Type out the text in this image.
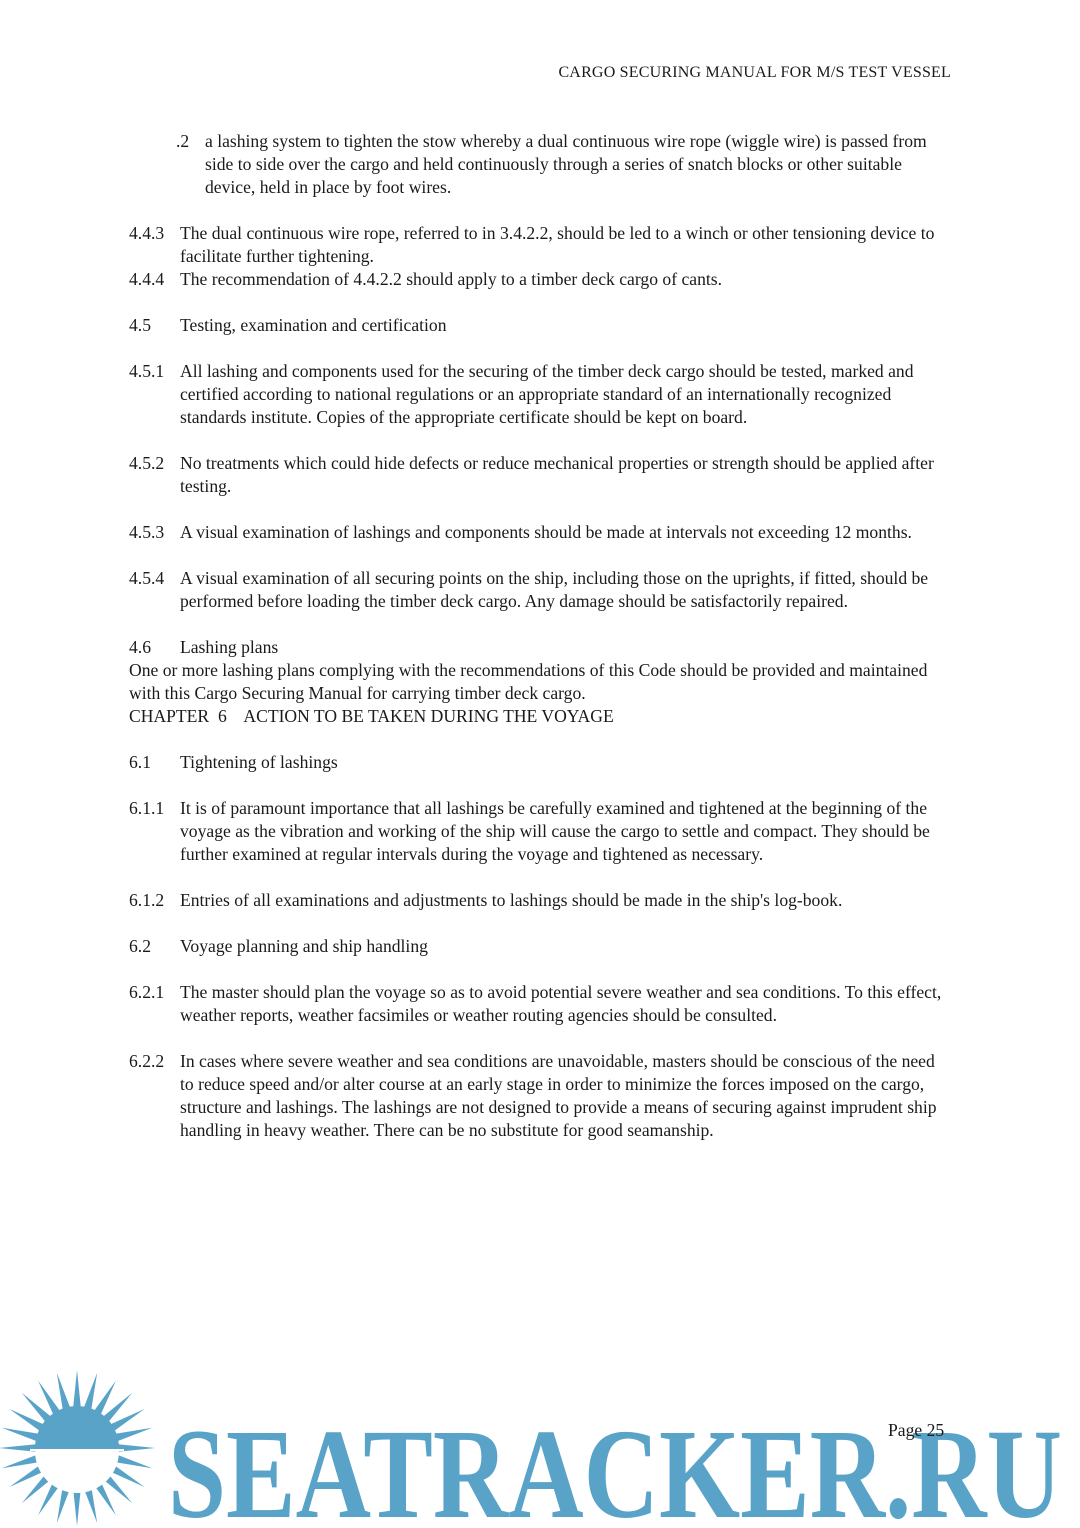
CARGO SECURING MANUAL FOR M/S TEST VESSEL
.2 a lashing system to tighten the stow whereby a dual continuous wire rope (wiggle wire) is passed from side to side over the cargo and held continuously through a series of snatch blocks or other suitable device, held in place by foot wires.
4.4.3 The dual continuous wire rope, referred to in 3.4.2.2, should be led to a winch or other tensioning device to facilitate further tightening.
4.4.4 The recommendation of 4.4.2.2 should apply to a timber deck cargo of cants.
4.5	Testing, examination and certification
4.5.1 All lashing and components used for the securing of the timber deck cargo should be tested, marked and certified according to national regulations or an appropriate standard of an internationally recognized standards institute. Copies of the appropriate certificate should be kept on board.
4.5.2 No treatments which could hide defects or reduce mechanical properties or strength should be applied after testing.
4.5.3 A visual examination of lashings and components should be made at intervals not exceeding 12 months.
4.5.4 A visual examination of all securing points on the ship, including those on the uprights, if fitted, should be performed before loading the timber deck cargo. Any damage should be satisfactorily repaired.
4.6	Lashing plans

One or more lashing plans complying with the recommendations of this Code should be provided and maintained with this Cargo Securing Manual for carrying timber deck cargo.

CHAPTER  6    ACTION TO BE TAKEN DURING THE VOYAGE

6.1	Tightening of lashings
6.1.1 It is of paramount importance that all lashings be carefully examined and tightened at the beginning of the voyage as the vibration and working of the ship will cause the cargo to settle and compact. They should be further examined at regular intervals during the voyage and tightened as necessary.
6.1.2 Entries of all examinations and adjustments to lashings should be made in the ship's log-book.
6.2	Voyage planning and ship handling
6.2.1 The master should plan the voyage so as to avoid potential severe weather and sea conditions. To this effect, weather reports, weather facsimiles or weather routing agencies should be consulted.
6.2.2 In cases where severe weather and sea conditions are unavoidable, masters should be conscious of the need to reduce speed and/or alter course at an early stage in order to minimize the forces imposed on the cargo, structure and lashings. The lashings are not designed to provide a means of securing against imprudent ship handling in heavy weather. There can be no substitute for good seamanship.
SEATRACKER.RU
Page 25
